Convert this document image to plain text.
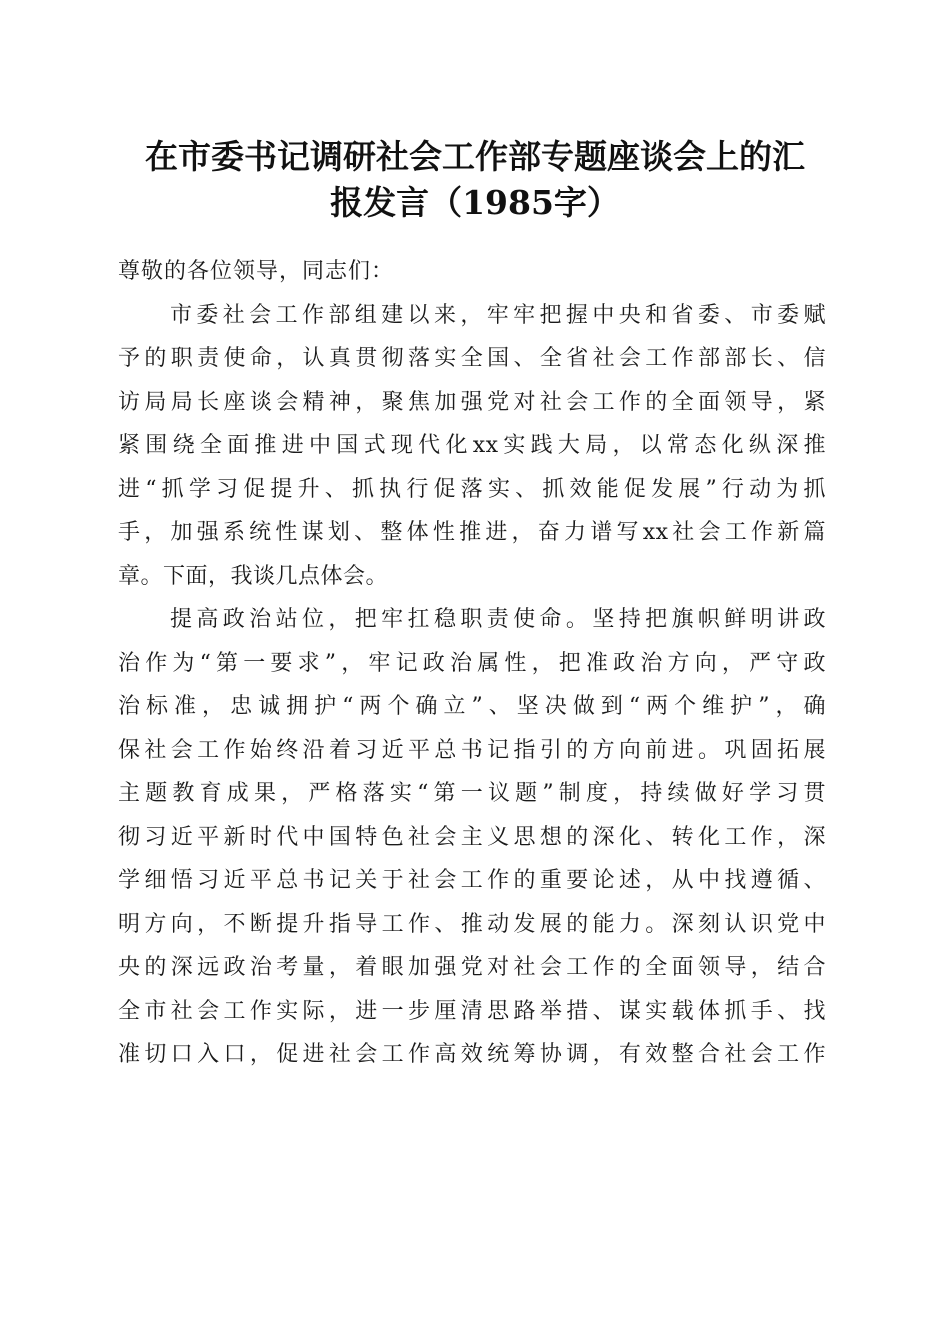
在市委书记调研社会工作部专题座谈会上的汇
报发言（1985字）

尊敬的各位领导，同志们：

市委社会工作部组建以来，牢牢把握中央和省委、市委赋
予的职责使命，认真贯彻落实全国、全省社会工作部部长、信
访局局长座谈会精神，聚焦加强党对社会工作的全面领导，紧
紧围绕全面推进中国式现代化xx实践大局，以常态化纵深推
进“抓学习促提升、抓执行促落实、抓效能促发展”行动为抓
手，加强系统性谋划、整体性推进，奋力谱写xx社会工作新篇
章。下面，我谈几点体会。

提高政治站位，把牢扛稳职责使命。坚持把旗帜鲜明讲政
治作为“第一要求”，牢记政治属性，把准政治方向，严守政
治标准，忠诚拥护“两个确立”、坚决做到“两个维护”，确
保社会工作始终沿着习近平总书记指引的方向前进。巩固拓展
主题教育成果，严格落实“第一议题”制度，持续做好学习贯
彻习近平新时代中国特色社会主义思想的深化、转化工作，深
学细悟习近平总书记关于社会工作的重要论述，从中找遵循、
明方向，不断提升指导工作、推动发展的能力。深刻认识党中
央的深远政治考量，着眼加强党对社会工作的全面领导，结合
全市社会工作实际，进一步厘清思路举措、谋实载体抓手、找
准切口入口，促进社会工作高效统筹协调，有效整合社会工作
